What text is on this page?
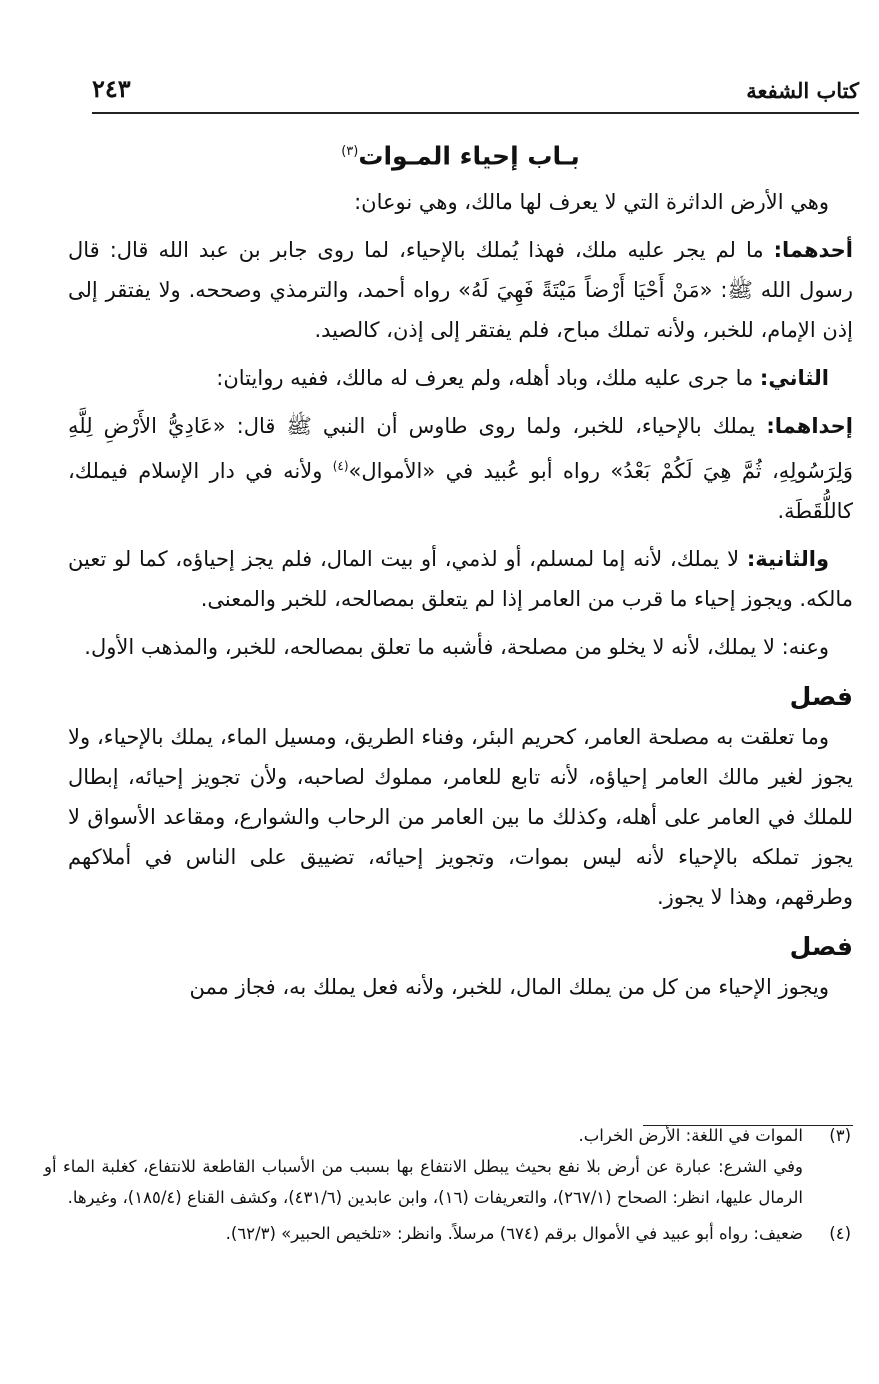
كتاب الشفعة
٢٤٣
بـاب إحياء المـوات$^{(٣)}$

وهي الأرض الداثرة التي لا يعرف لها مالك، وهي نوعان:

أحدهما: ما لم يجر عليه ملك، فهذا يُملك بالإحياء، لما روى جابر بن عبد الله قال: قال رسول الله ﷺ: «مَنْ أَحْيَا أَرْضاً مَيْتَةً فَهِيَ لَهُ» رواه أحمد، والترمذي وصححه. ولا يفتقر إلى إذن الإمام، للخبر، ولأنه تملك مباح، فلم يفتقر إلى إذن، كالصيد.

الثاني: ما جرى عليه ملك، وباد أهله، ولم يعرف له مالك، ففيه روايتان:

إحداهما: يملك بالإحياء، للخبر، ولما روى طاوس أن النبي ﷺ قال: «عَادِيُّ الأَرْضِ لِلَّهِ وَلِرَسُولِهِ، ثُمَّ هِيَ لَكُمْ بَعْدُ» رواه أبو عُبيد في «الأموال»$^{(٤)}$ ولأنه في دار الإسلام فيملك، كاللُّقَطَة.

والثانية: لا يملك، لأنه إما لمسلم، أو لذمي، أو بيت المال، فلم يجز إحياؤه، كما لو تعين مالكه. ويجوز إحياء ما قرب من العامر إذا لم يتعلق بمصالحه، للخبر والمعنى.

وعنه: لا يملك، لأنه لا يخلو من مصلحة، فأشبه ما تعلق بمصالحه، للخبر، والمذهب الأول.

فصل

وما تعلقت به مصلحة العامر، كحريم البئر، وفناء الطريق، ومسيل الماء، يملك بالإحياء، ولا يجوز لغير مالك العامر إحياؤه، لأنه تابع للعامر، مملوك لصاحبه، ولأن تجويز إحيائه، إبطال للملك في العامر على أهله، وكذلك ما بين العامر من الرحاب والشوارع، ومقاعد الأسواق لا يجوز تملكه بالإحياء لأنه ليس بموات، وتجويز إحيائه، تضييق على الناس في أملاكهم وطرقهم، وهذا لا يجوز.

فصل

ويجوز الإحياء من كل من يملك المال، للخبر، ولأنه فعل يملك به، فجاز ممن

(٣)
الموات في اللغة: الأرض الخراب.
وفي الشرع: عبارة عن أرض بلا نفع بحيث يبطل الانتفاع بها بسبب من الأسباب القاطعة للانتفاع، كغلبة الماء أو الرمال عليها، انظر: الصحاح (٢٦٧/١)، والتعريفات (١٦)، وابن عابدين (٤٣١/٦)، وكشف القناع (١٨٥/٤)، وغيرها.
(٤)
ضعيف: رواه أبو عبيد في الأموال برقم (٦٧٤) مرسلاً. وانظر: «تلخيص الحبير» (٦٢/٣).
